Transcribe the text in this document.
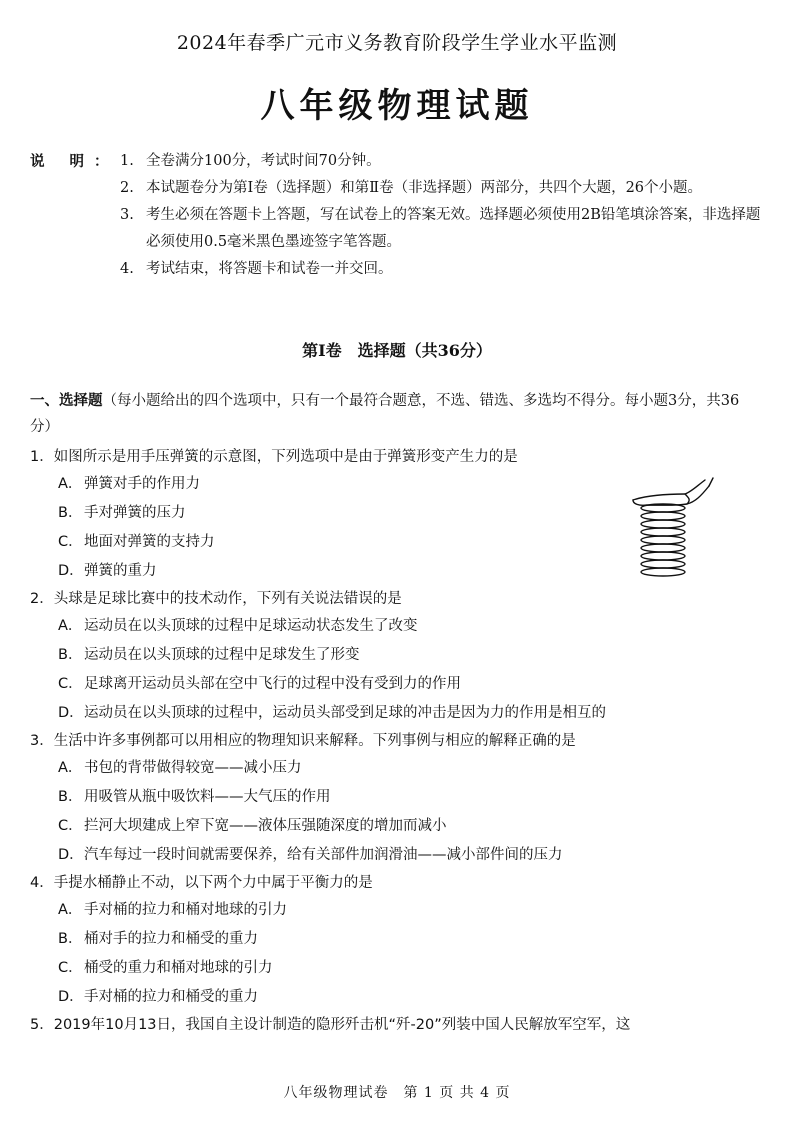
2024年春季广元市义务教育阶段学生学业水平监测
八年级物理试题
说 明： 1. 全卷满分100分，考试时间70分钟。
2. 本试题卷分为第Ⅰ卷（选择题）和第Ⅱ卷（非选择题）两部分，共四个大题，26个小题。
3. 考生必须在答题卡上答题，写在试卷上的答案无效。选择题必须使用2B铅笔填涂答案，非选择题必须使用0.5毫米黑色墨迹签字笔答题。
4. 考试结束，将答题卡和试卷一并交回。
第Ⅰ卷　选择题（共36分）
一、选择题（每小题给出的四个选项中，只有一个最符合题意，不选、错选、多选均不得分。每小题3分，共36分）
1．如图所示是用手压弹簧的示意图，下列选项中是由于弹簧形变产生力的是
A． 弹簧对手的作用力
B． 手对弹簧的压力
C．地面对弹簧的支持力
D．弹簧的重力
2．头球是足球比赛中的技术动作，下列有关说法错误的是
A． 运动员在以头顶球的过程中足球运动状态发生了改变
B． 运动员在以头顶球的过程中足球发生了形变
C．足球离开运动员头部在空中飞行的过程中没有受到力的作用
D．运动员在以头顶球的过程中，运动员头部受到足球的冲击是因为力的作用是相互的
3．生活中许多事例都可以用相应的物理知识来解释。下列事例与相应的解释正确的是
A． 书包的背带做得较宽——减小压力
B． 用吸管从瓶中吸饮料——大气压的作用
C．拦河大坝建成上窄下宽——液体压强随深度的增加而减小
D．汽车每过一段时间就需要保养，给有关部件加润滑油——减小部件间的压力
4．手提水桶静止不动，以下两个力中属于平衡力的是
A． 手对桶的拉力和桶对地球的引力
B． 桶对手的拉力和桶受的重力
C．桶受的重力和桶对地球的引力
D．手对桶的拉力和桶受的重力
5．2019年10月13日，我国自主设计制造的隐形歼击机“歼-20”列装中国人民解放军空军，这
八年级物理试卷　第 1 页 共 4 页
